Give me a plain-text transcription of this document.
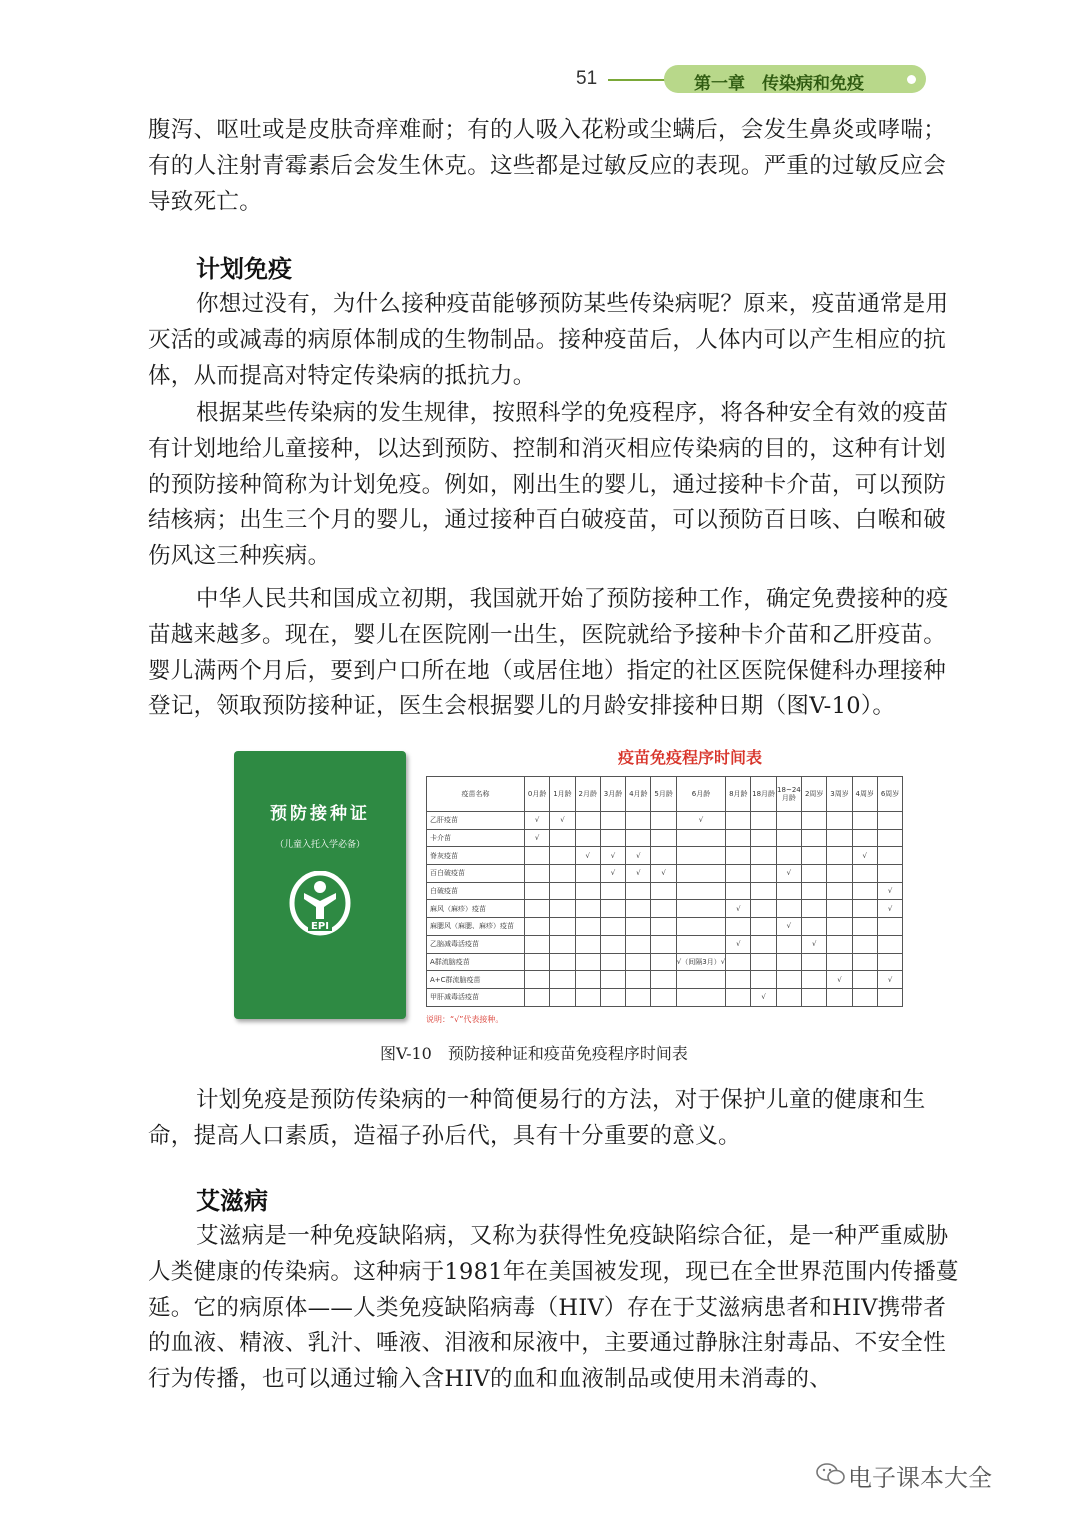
51	第一章　传染病和免疫

腹泻、呕吐或是皮肤奇痒难耐；有的人吸入花粉或尘螨后，会发生鼻炎或哮喘；有的人注射青霉素后会发生休克。这些都是过敏反应的表现。严重的过敏反应会导致死亡。

计划免疫

你想过没有，为什么接种疫苗能够预防某些传染病呢？原来，疫苗通常是用灭活的或减毒的病原体制成的生物制品。接种疫苗后，人体内可以产生相应的抗体，从而提高对特定传染病的抵抗力。

根据某些传染病的发生规律，按照科学的免疫程序，将各种安全有效的疫苗有计划地给儿童接种，以达到预防、控制和消灭相应传染病的目的，这种有计划的预防接种简称为计划免疫。例如，刚出生的婴儿，通过接种卡介苗，可以预防结核病；出生三个月的婴儿，通过接种百白破疫苗，可以预防百日咳、白喉和破伤风这三种疾病。

中华人民共和国成立初期，我国就开始了预防接种工作，确定免费接种的疫苗越来越多。现在，婴儿在医院刚一出生，医院就给予接种卡介苗和乙肝疫苗。婴儿满两个月后，要到户口所在地（或居住地）指定的社区医院保健科办理接种登记，领取预防接种证，医生会根据婴儿的月龄安排接种日期（图V-10）。

预防接种证
（儿童入托入学必备）
EPI
疫苗免疫程序时间表
疫苗名称	0月龄	1月龄	2月龄	3月龄	4月龄	5月龄	6月龄	8月龄	18月龄	18~24月龄	2周岁	3周岁	4周岁	6周岁
乙肝疫苗	√	√					√							
卡介苗	√													
脊灰疫苗			√	√	√								√	
百白破疫苗				√	√	√				√				
白破疫苗														√
麻风（麻疹）疫苗								√						√
麻腮风（麻腮、麻疹）疫苗										√				
乙脑减毒活疫苗								√			√			
A群流脑疫苗							√（间隔3月）√							
A+C群流脑疫苗												√		√
甲肝减毒活疫苗									√					
说明：“√”代表接种。
图V-10　预防接种证和疫苗免疫程序时间表

计划免疫是预防传染病的一种简便易行的方法，对于保护儿童的健康和生命，提高人口素质，造福子孙后代，具有十分重要的意义。

艾滋病

艾滋病是一种免疫缺陷病，又称为获得性免疫缺陷综合征，是一种严重威胁人类健康的传染病。这种病于1981年在美国被发现，现已在全世界范围内传播蔓延。它的病原体——人类免疫缺陷病毒（HIV）存在于艾滋病患者和HIV携带者的血液、精液、乳汁、唾液、泪液和尿液中，主要通过静脉注射毒品、不安全性行为传播，也可以通过输入含HIV的血和血液制品或使用未消毒的、

电子课本大全
